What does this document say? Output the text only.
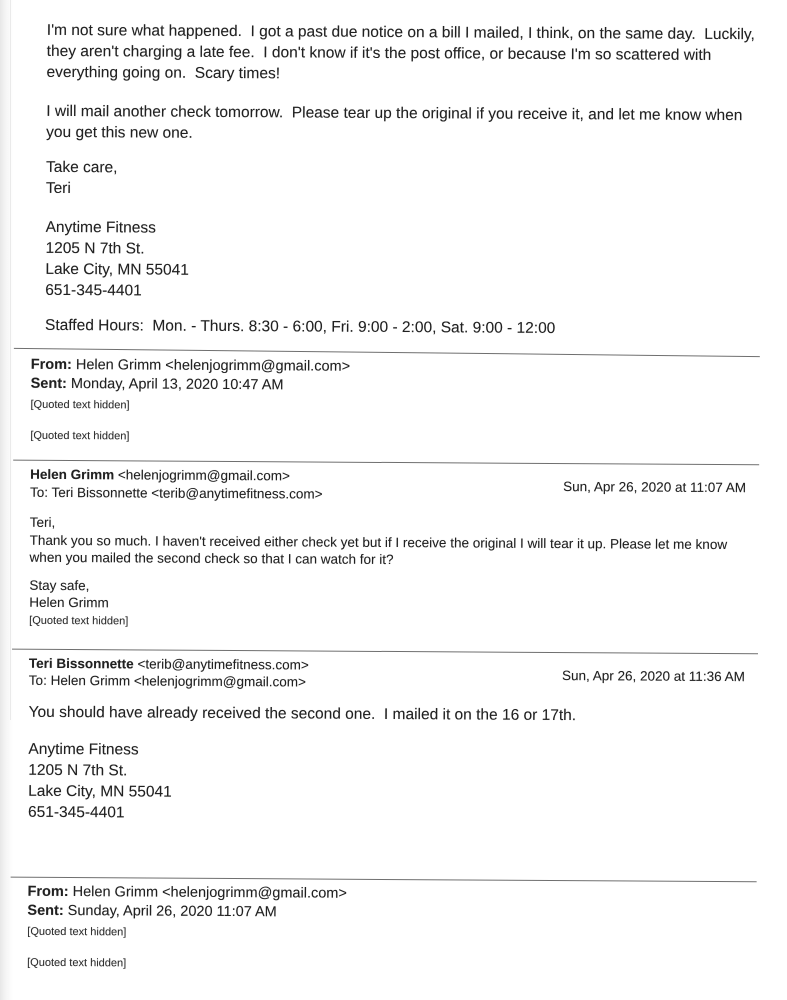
I'm not sure what happened.  I got a past due notice on a bill I mailed, I think, on the same day.  Luckily, they aren't charging a late fee.  I don't know if it's the post office, or because I'm so scattered with everything going on.  Scary times!

I will mail another check tomorrow.  Please tear up the original if you receive it, and let me know when you get this new one.

Take care,
Teri
Anytime Fitness
1205 N 7th St.
Lake City, MN 55041
651-345-4401

Staffed Hours:  Mon. - Thurs. 8:30 - 6:00, Fri. 9:00 - 2:00, Sat. 9:00 - 12:00

From: Helen Grimm <helenjogrimm@gmail.com>
Sent: Monday, April 13, 2020 10:47 AM
[Quoted text hidden]
[Quoted text hidden]
Helen Grimm <helenjogrimm@gmail.com>
To: Teri Bissonnette <terib@anytimefitness.com>	Sun, Apr 26, 2020 at 11:07 AM
Teri,

Thank you so much. I haven't received either check yet but if I receive the original I will tear it up. Please let me know when you mailed the second check so that I can watch for it?

Stay safe,
Helen Grimm
[Quoted text hidden]
Teri Bissonnette <terib@anytimefitness.com>
To: Helen Grimm <helenjogrimm@gmail.com>	Sun, Apr 26, 2020 at 11:36 AM

You should have already received the second one.  I mailed it on the 16 or 17th.

Anytime Fitness
1205 N 7th St.
Lake City, MN 55041
651-345-4401
From: Helen Grimm <helenjogrimm@gmail.com>
Sent: Sunday, April 26, 2020 11:07 AM
[Quoted text hidden]
[Quoted text hidden]
